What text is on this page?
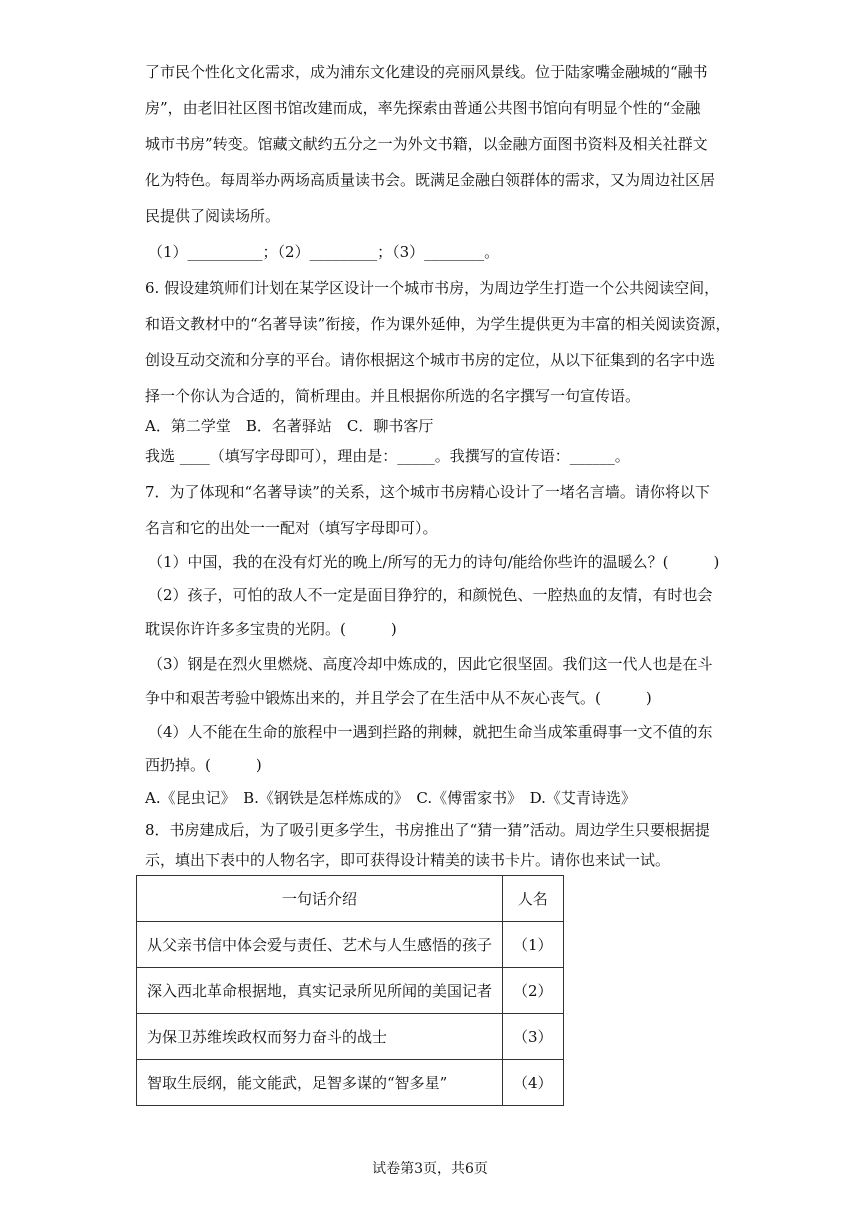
了市民个性化文化需求，成为浦东文化建设的亮丽风景线。位于陆家嘴金融城的“融书
房”，由老旧社区图书馆改建而成，率先探索由普通公共图书馆向有明显个性的“金融
城市书房”转变。馆藏文献约五分之一为外文书籍，以金融方面图书资料及相关社群文
化为特色。每周举办两场高质量读书会。既满足金融白领群体的需求，又为周边社区居
民提供了阅读场所。
（1）__________；（2）_________；（3）________。
6. 假设建筑师们计划在某学区设计一个城市书房，为周边学生打造一个公共阅读空间，
和语文教材中的“名著导读”衔接，作为课外延伸，为学生提供更为丰富的相关阅读资源，
创设互动交流和分享的平台。请你根据这个城市书房的定位，从以下征集到的名字中选
择一个你认为合适的，简析理由。并且根据你所选的名字撰写一句宣传语。
A．第二学堂　B．名著驿站　C．聊书客厅
我选 ____（填写字母即可），理由是：_____。我撰写的宣传语：______。
7．为了体现和“名著导读”的关系，这个城市书房精心设计了一堵名言墙。请你将以下
名言和它的出处一一配对（填写字母即可）。
（1）中国，我的在没有灯光的晚上/所写的无力的诗句/能给你些许的温暖么？(　　　)
（2）孩子，可怕的敌人不一定是面目狰狞的，和颜悦色、一腔热血的友情，有时也会
耽误你许许多多宝贵的光阴。(　　　)
（3）钢是在烈火里燃烧、高度冷却中炼成的，因此它很坚固。我们这一代人也是在斗
争中和艰苦考验中锻炼出来的，并且学会了在生活中从不灰心丧气。(　　　)
（4）人不能在生命的旅程中一遇到拦路的荆棘，就把生命当成笨重碍事一文不值的东
西扔掉。(　　　)
A.《昆虫记》　B.《钢铁是怎样炼成的》　C.《傅雷家书》　D.《艾青诗选》
8．书房建成后，为了吸引更多学生，书房推出了“猜一猜”活动。周边学生只要根据提
示，填出下表中的人物名字，即可获得设计精美的读书卡片。请你也来试一试。
一句话介绍	人名
从父亲书信中体会爱与责任、艺术与人生感悟的孩子	（1）
深入西北革命根据地，真实记录所见所闻的美国记者	（2）
为保卫苏维埃政权而努力奋斗的战士	（3）
智取生辰纲，能文能武，足智多谋的“智多星”	（4）
试卷第3页，共6页
